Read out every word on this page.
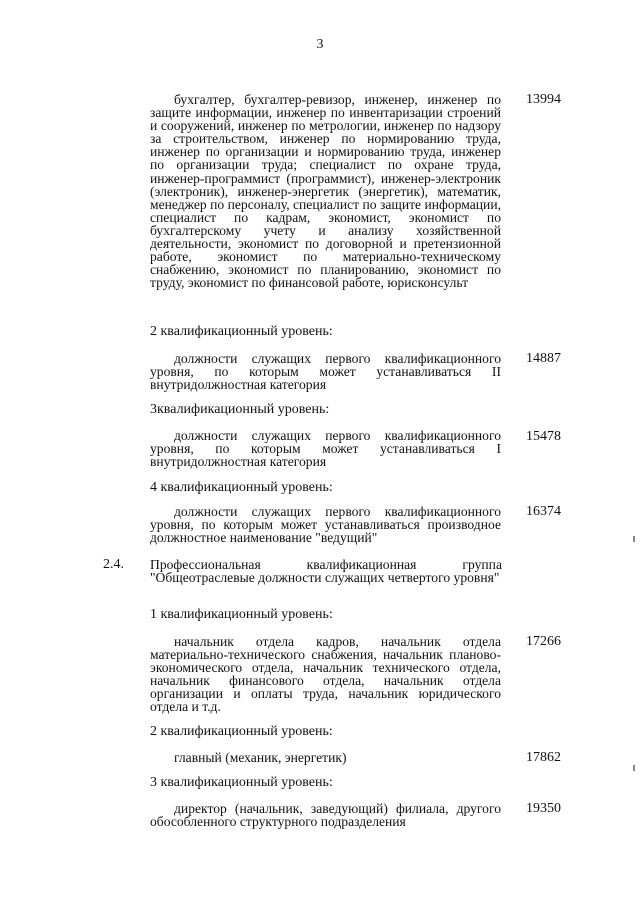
3

бухгалтер, бухгалтер-ревизор, инженер, инженер по защите информации, инженер по инвентаризации строений и сооружений, инженер по метрологии, инженер по надзору за строительством, инженер по нормированию труда, инженер по организации и нормированию труда, инженер по организации труда; специалист по охране труда, инженер-программист (программист), инженер-электроник (электроник), инженер-энергетик (энергетик), математик, менеджер по персоналу, специалист по защите информации, специалист по кадрам, экономист, экономист по бухгалтерскому учету и анализу хозяйственной деятельности, экономист по договорной и претензионной работе, экономист по материально-техническому снабжению, экономист по планированию, экономист по труду, экономист по финансовой работе, юрисконсульт

13994

2 квалификационный уровень:

должности служащих первого квалификационного уровня, по которым может устанавливаться II внутридолжностная категория

14887

3квалификационный уровень:

должности служащих первого квалификационного уровня, по которым может устанавливаться I внутридолжностная категория

15478

4 квалификационный уровень:

должности служащих первого квалификационного уровня, по которым может устанавливаться производное должностное наименование "ведущий"

16374
2.4. Профессиональная квалификационная группа "Общеотраслевые должности служащих четвертого уровня"

1 квалификационный уровень:

начальник отдела кадров, начальник отдела материально-технического снабжения, начальник планово-экономического отдела, начальник технического отдела, начальник финансового отдела, начальник отдела организации и оплаты труда, начальник юридического отдела и т.д.

17266

2 квалификационный уровень:

главный (механик, энергетик)	17862

3 квалификационный уровень:

директор (начальник, заведующий) филиала, другого обособленного структурного подразделения

19350
